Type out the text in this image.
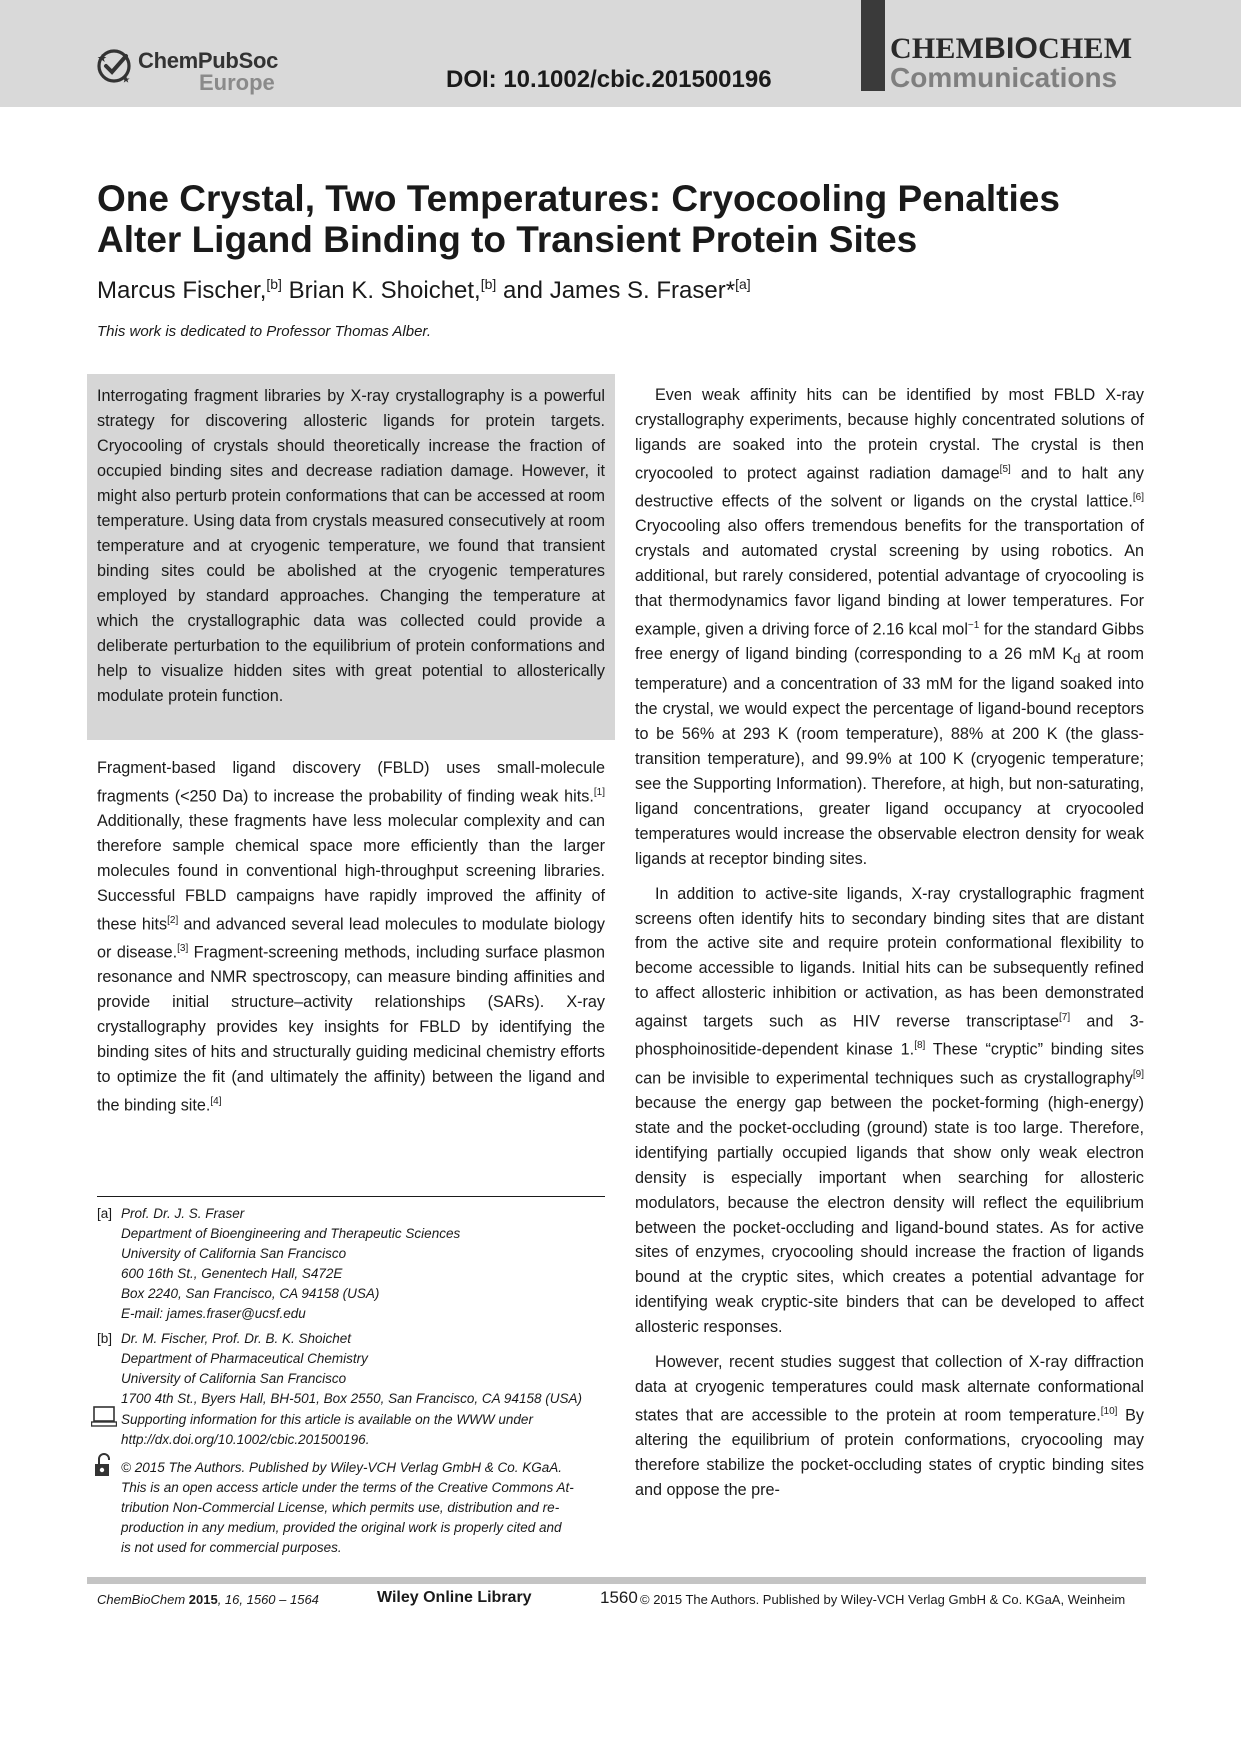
ChemPubSoc
Europe	DOI: 10.1002/cbic.201500196
CHEMBIOCHEM
Communications
One Crystal, Two Temperatures: Cryocooling Penalties Alter Ligand Binding to Transient Protein Sites
Marcus Fischer,[b] Brian K. Shoichet,[b] and James S. Fraser*[a]
This work is dedicated to Professor Thomas Alber.

Interrogating fragment libraries by X-ray crystallography is a powerful strategy for discovering allosteric ligands for protein targets. Cryocooling of crystals should theoretically increase the fraction of occupied binding sites and decrease radiation damage. However, it might also perturb protein conformations that can be accessed at room temperature. Using data from crystals measured consecutively at room temperature and at cryogenic temperature, we found that transient binding sites could be abolished at the cryogenic temperatures employed by standard approaches. Changing the temperature at which the crystallographic data was collected could provide a deliberate perturbation to the equilibrium of protein conformations and help to visualize hidden sites with great potential to allosterically modulate protein function.

Fragment-based ligand discovery (FBLD) uses small-molecule fragments (<250 Da) to increase the probability of finding weak hits.[1] Additionally, these fragments have less molecular complexity and can therefore sample chemical space more efficiently than the larger molecules found in conventional high-throughput screening libraries. Successful FBLD campaigns have rapidly improved the affinity of these hits[2] and advanced several lead molecules to modulate biology or disease.[3] Fragment-screening methods, including surface plasmon resonance and NMR spectroscopy, can measure binding affinities and provide initial structure–activity relationships (SARs). X-ray crystallography provides key insights for FBLD by identifying the binding sites of hits and structurally guiding medicinal chemistry efforts to optimize the fit (and ultimately the affinity) between the ligand and the binding site.[4]

[a] Prof. Dr. J. S. Fraser
Department of Bioengineering and Therapeutic Sciences
University of California San Francisco
600 16th St., Genentech Hall, S472E
Box 2240, San Francisco, CA 94158 (USA)
E-mail: james.fraser@ucsf.edu
[b] Dr. M. Fischer, Prof. Dr. B. K. Shoichet
Department of Pharmaceutical Chemistry
University of California San Francisco
1700 4th St., Byers Hall, BH-501, Box 2550, San Francisco, CA 94158 (USA)
Supporting information for this article is available on the WWW under
http://dx.doi.org/10.1002/cbic.201500196.
© 2015 The Authors. Published by Wiley-VCH Verlag GmbH & Co. KGaA.
This is an open access article under the terms of the Creative Commons At-
tribution Non-Commercial License, which permits use, distribution and re-
production in any medium, provided the original work is properly cited and
is not used for commercial purposes.

Even weak affinity hits can be identified by most FBLD X-ray crystallography experiments, because highly concentrated solutions of ligands are soaked into the protein crystal. The crystal is then cryocooled to protect against radiation damage[5] and to halt any destructive effects of the solvent or ligands on the crystal lattice.[6] Cryocooling also offers tremendous benefits for the transportation of crystals and automated crystal screening by using robotics. An additional, but rarely considered, potential advantage of cryocooling is that thermodynamics favor ligand binding at lower temperatures. For example, given a driving force of 2.16 kcal mol$^{-1}$ for the standard Gibbs free energy of ligand binding (corresponding to a 26 mM $K_d$ at room temperature) and a concentration of 33 mM for the ligand soaked into the crystal, we would expect the percentage of ligand-bound receptors to be 56% at 293 K (room temperature), 88% at 200 K (the glass-transition temperature), and 99.9% at 100 K (cryogenic temperature; see the Supporting Information). Therefore, at high, but non-saturating, ligand concentrations, greater ligand occupancy at cryocooled temperatures would increase the observable electron density for weak ligands at receptor binding sites.

In addition to active-site ligands, X-ray crystallographic fragment screens often identify hits to secondary binding sites that are distant from the active site and require protein conformational flexibility to become accessible to ligands. Initial hits can be subsequently refined to affect allosteric inhibition or activation, as has been demonstrated against targets such as HIV reverse transcriptase[7] and 3-phosphoinositide-dependent kinase 1.[8] These “cryptic” binding sites can be invisible to experimental techniques such as crystallography[9] because the energy gap between the pocket-forming (high-energy) state and the pocket-occluding (ground) state is too large. Therefore, identifying partially occupied ligands that show only weak electron density is especially important when searching for allosteric modulators, because the electron density will reflect the equilibrium between the pocket-occluding and ligand-bound states. As for active sites of enzymes, cryocooling should increase the fraction of ligands bound at the cryptic sites, which creates a potential advantage for identifying weak cryptic-site binders that can be developed to affect allosteric responses.

However, recent studies suggest that collection of X-ray diffraction data at cryogenic temperatures could mask alternate conformational states that are accessible to the protein at room temperature.[10] By altering the equilibrium of protein conformations, cryocooling may therefore stabilize the pocket-occluding states of cryptic binding sites and oppose the pre-

ChemBioChem 2015, 16, 1560 – 1564	Wiley Online Library	1560 © 2015 The Authors. Published by Wiley-VCH Verlag GmbH & Co. KGaA, Weinheim
